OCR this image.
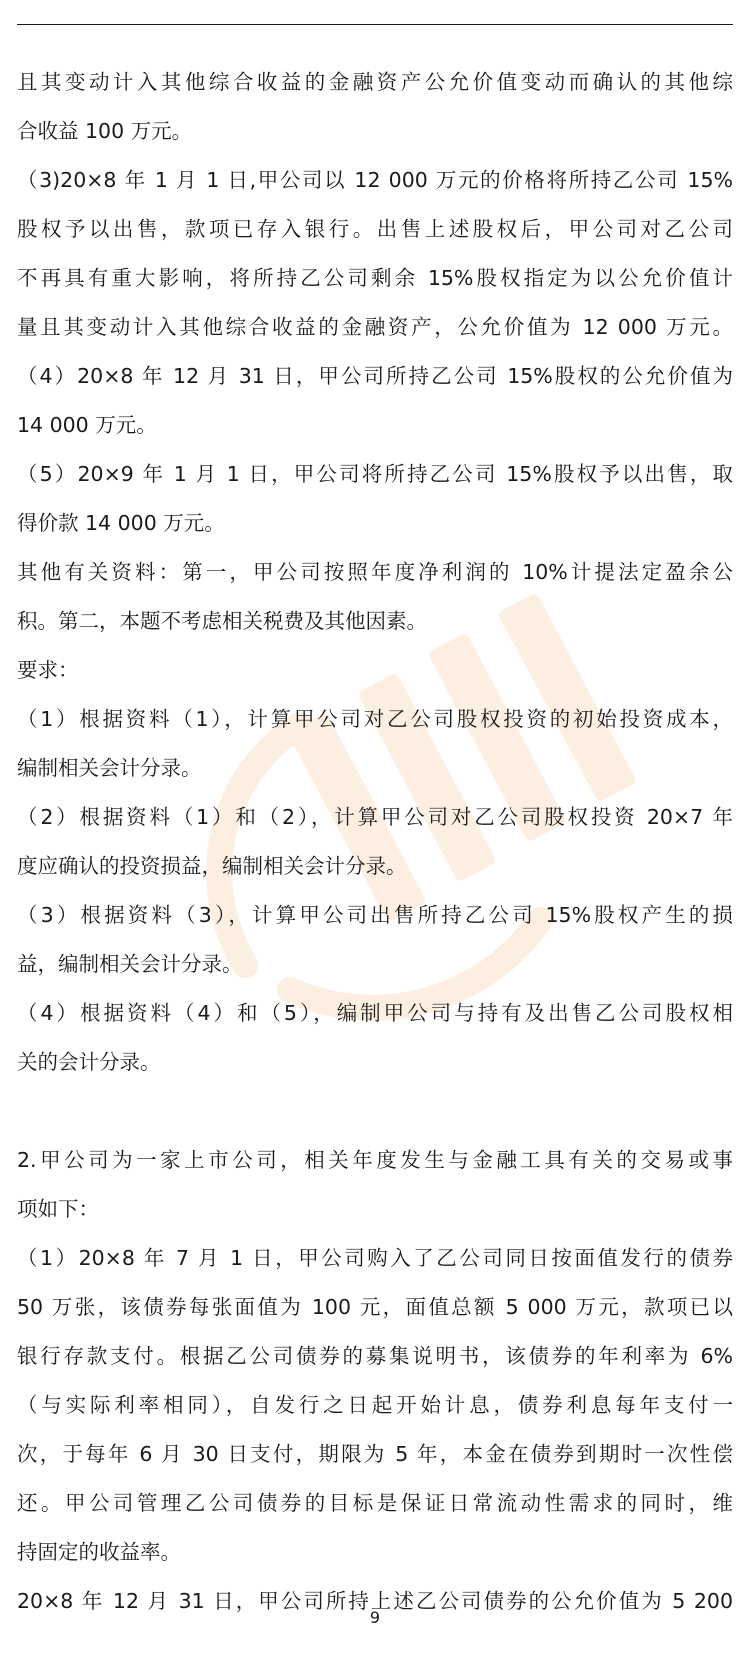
且其变动计入其他综合收益的金融资产公允价值变动而确认的其他综
合收益 100 万元。
（3)20×8 年 1 月 1 日,甲公司以 12 000 万元的价格将所持乙公司 15%
股权予以出售，款项已存入银行。出售上述股权后，甲公司对乙公司
不再具有重大影响，将所持乙公司剩余 15%股权指定为以公允价值计
量且其变动计入其他综合收益的金融资产，公允价值为 12 000 万元。
（4）20×8 年 12 月 31 日，甲公司所持乙公司 15%股权的公允价值为
14 000 万元。
（5）20×9 年 1 月 1 日，甲公司将所持乙公司 15%股权予以出售，取
得价款 14 000 万元。
其他有关资料：第一，甲公司按照年度净利润的 10%计提法定盈余公
积。第二，本题不考虑相关税费及其他因素。
要求：
（1）根据资料（1），计算甲公司对乙公司股权投资的初始投资成本，
编制相关会计分录。
（2）根据资料（1）和（2），计算甲公司对乙公司股权投资 20×7 年
度应确认的投资损益，编制相关会计分录。
（3）根据资料（3），计算甲公司出售所持乙公司 15%股权产生的损
益，编制相关会计分录。
（4）根据资料（4）和（5），编制甲公司与持有及出售乙公司股权相
关的会计分录。
2.甲公司为一家上市公司，相关年度发生与金融工具有关的交易或事
项如下：
（1）20×8 年 7 月 1 日，甲公司购入了乙公司同日按面值发行的债券
50 万张，该债券每张面值为 100 元，面值总额 5 000 万元，款项已以
银行存款支付。根据乙公司债券的募集说明书，该债券的年利率为 6%
（与实际利率相同），自发行之日起开始计息，债券利息每年支付一
次，于每年 6 月 30 日支付，期限为 5 年，本金在债券到期时一次性偿
还。甲公司管理乙公司债券的目标是保证日常流动性需求的同时，维
持固定的收益率。
20×8 年 12 月 31 日，甲公司所持上述乙公司债券的公允价值为 5 200
9
